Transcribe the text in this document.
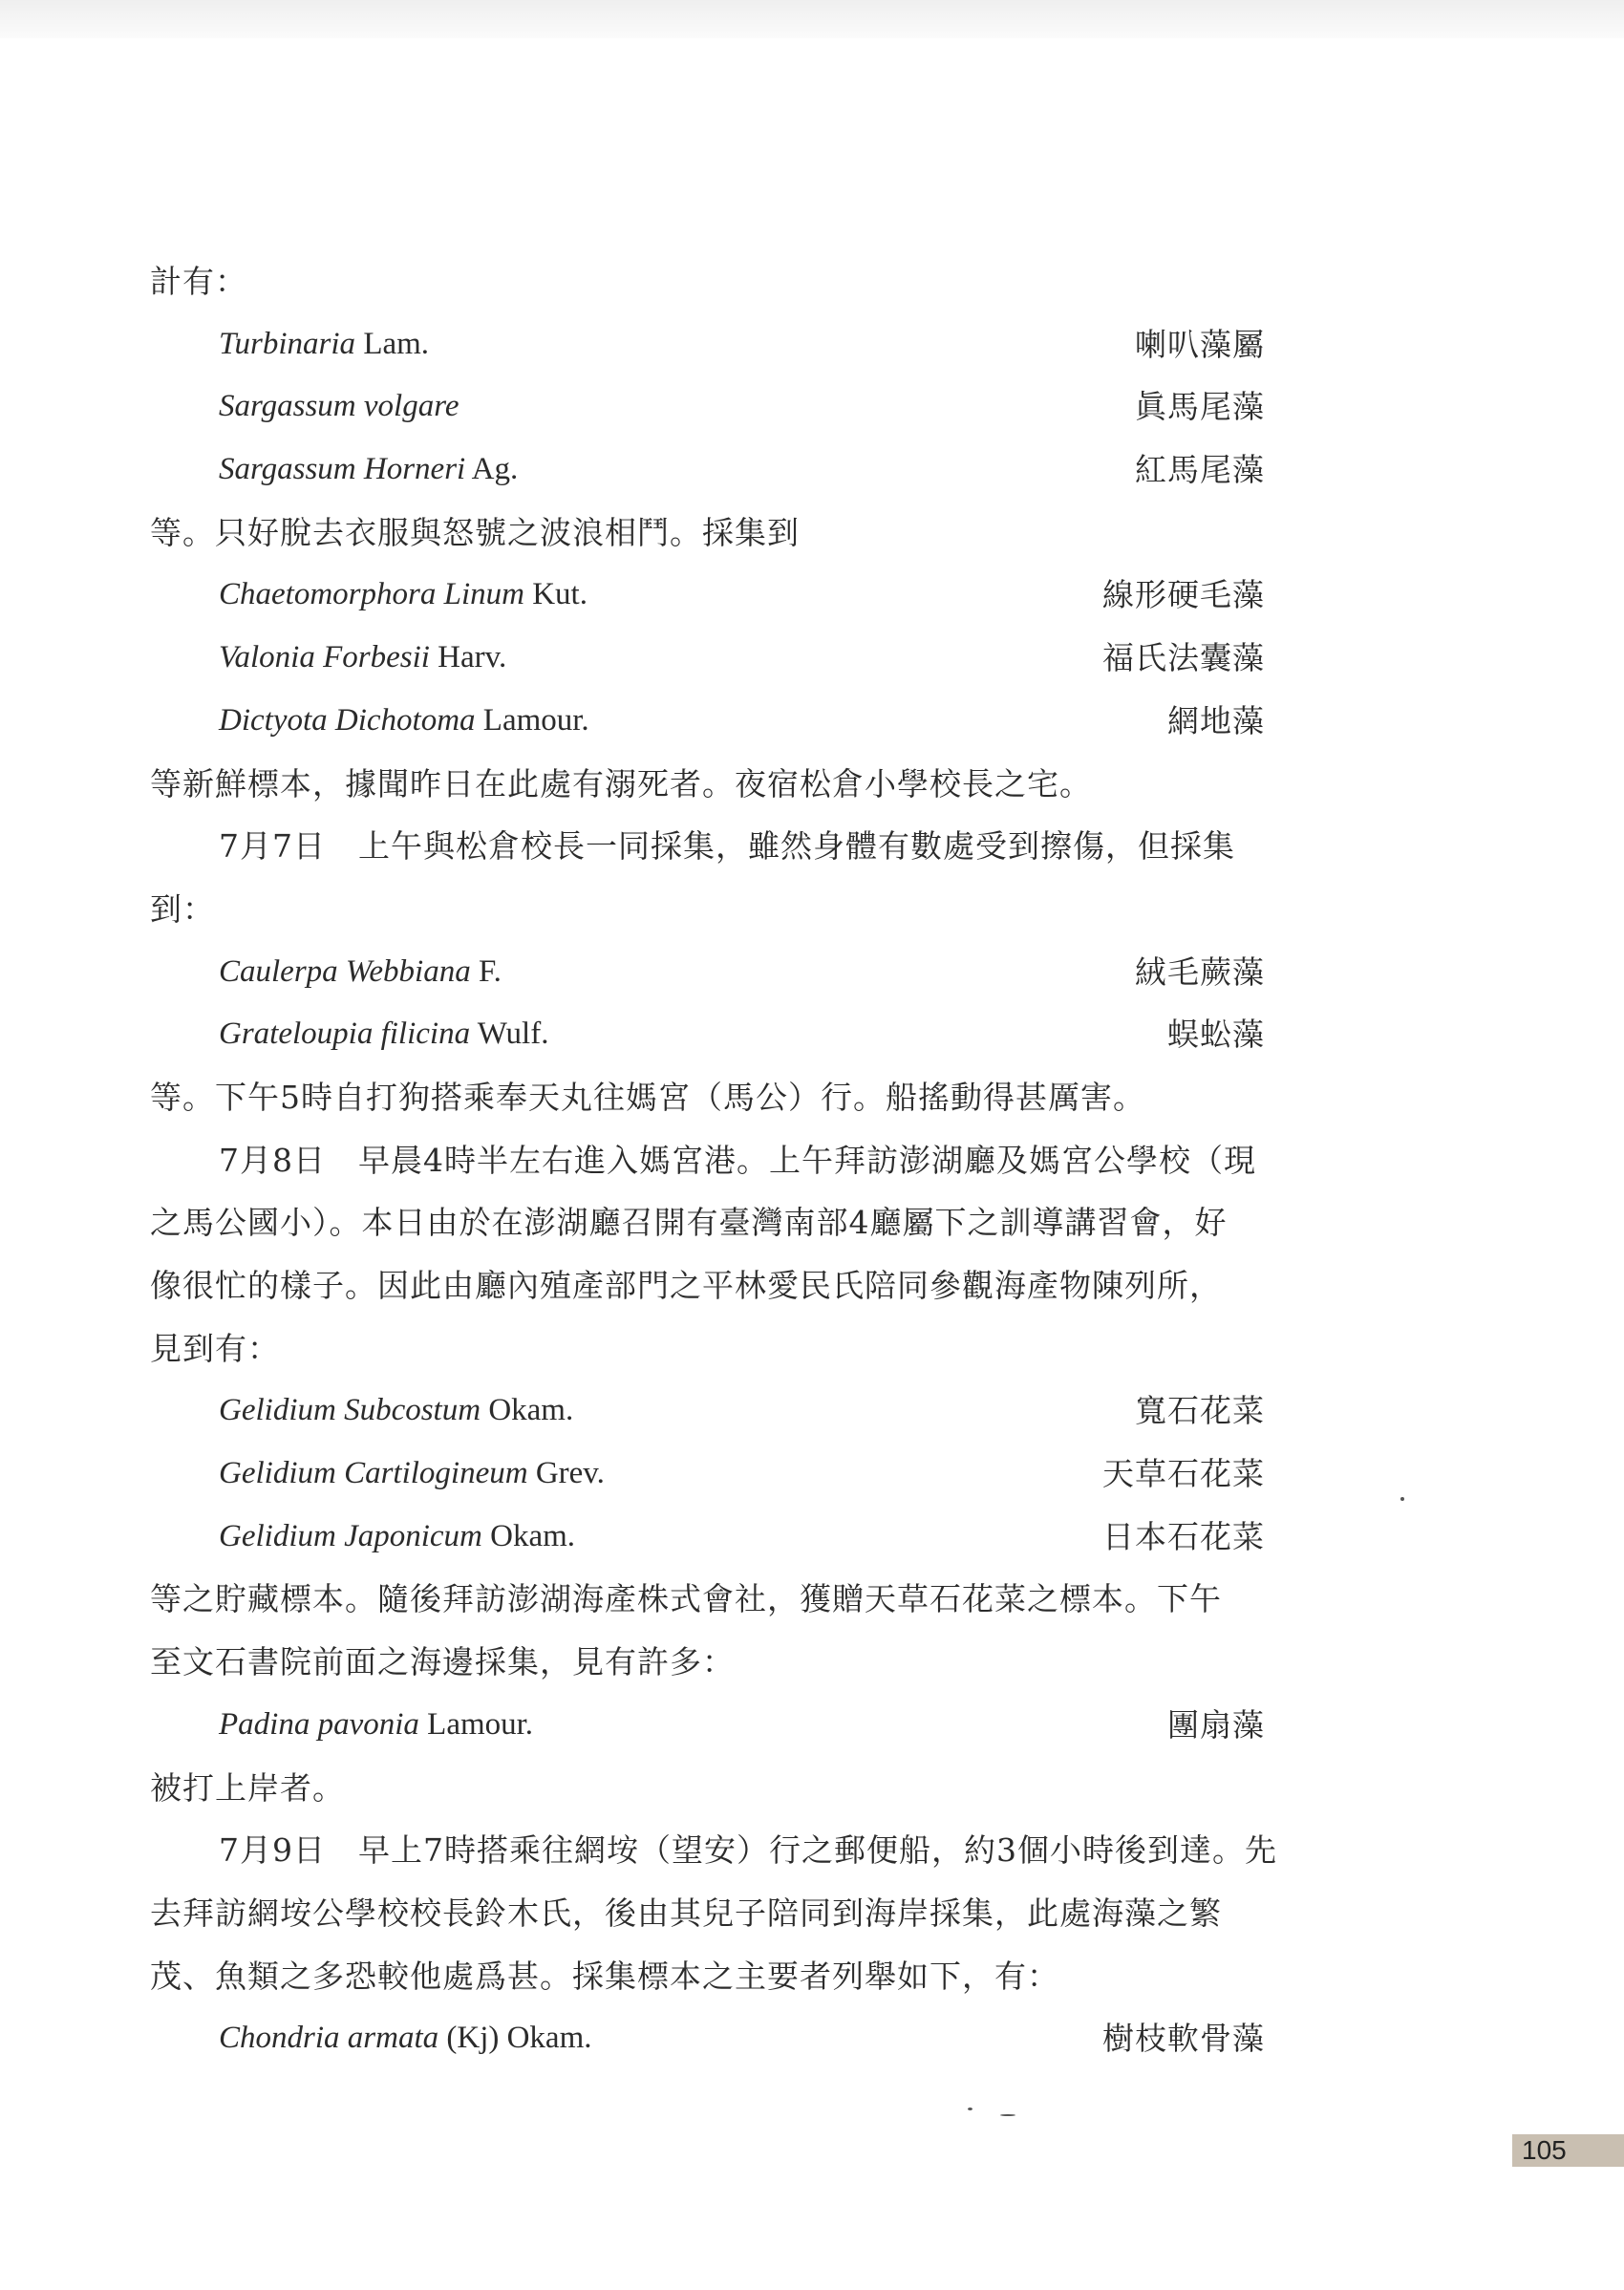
計有：
Turbinaria Lam.	喇叭藻屬
Sargassum volgare	眞馬尾藻
Sargassum Horneri Ag.	紅馬尾藻
等。只好脫去衣服與怒號之波浪相鬥。採集到
Chaetomorphora Linum Kut.	線形硬毛藻
Valonia Forbesii Harv.	福氏法囊藻
Dictyota Dichotoma Lamour.	網地藻
等新鮮標本，據聞昨日在此處有溺死者。夜宿松倉小學校長之宅。
7月7日　上午與松倉校長一同採集，雖然身體有數處受到擦傷，但採集
到：
Caulerpa Webbiana F.	絨毛蕨藻
Grateloupia filicina Wulf.	蜈蚣藻
等。下午5時自打狗搭乘奉天丸往媽宮（馬公）行。船搖動得甚厲害。
7月8日　早晨4時半左右進入媽宮港。上午拜訪澎湖廳及媽宮公學校（現
之馬公國小）。本日由於在澎湖廳召開有臺灣南部4廳屬下之訓導講習會，好
像很忙的樣子。因此由廳內殖產部門之平林愛民氏陪同參觀海產物陳列所，
見到有：
Gelidium Subcostum Okam.	寬石花菜
Gelidium Cartilogineum Grev.	天草石花菜
Gelidium Japonicum Okam.	日本石花菜
等之貯藏標本。隨後拜訪澎湖海產株式會社，獲贈天草石花菜之標本。下午
至文石書院前面之海邊採集，見有許多：
Padina pavonia Lamour.	團扇藻
被打上岸者。
7月9日　早上7時搭乘往網垵（望安）行之郵便船，約3個小時後到達。先
去拜訪網垵公學校校長鈴木氏，後由其兒子陪同到海岸採集，此處海藻之繁
茂、魚類之多恐較他處爲甚。採集標本之主要者列舉如下，有：
Chondria armata (Kj) Okam.	樹枝軟骨藻
105
